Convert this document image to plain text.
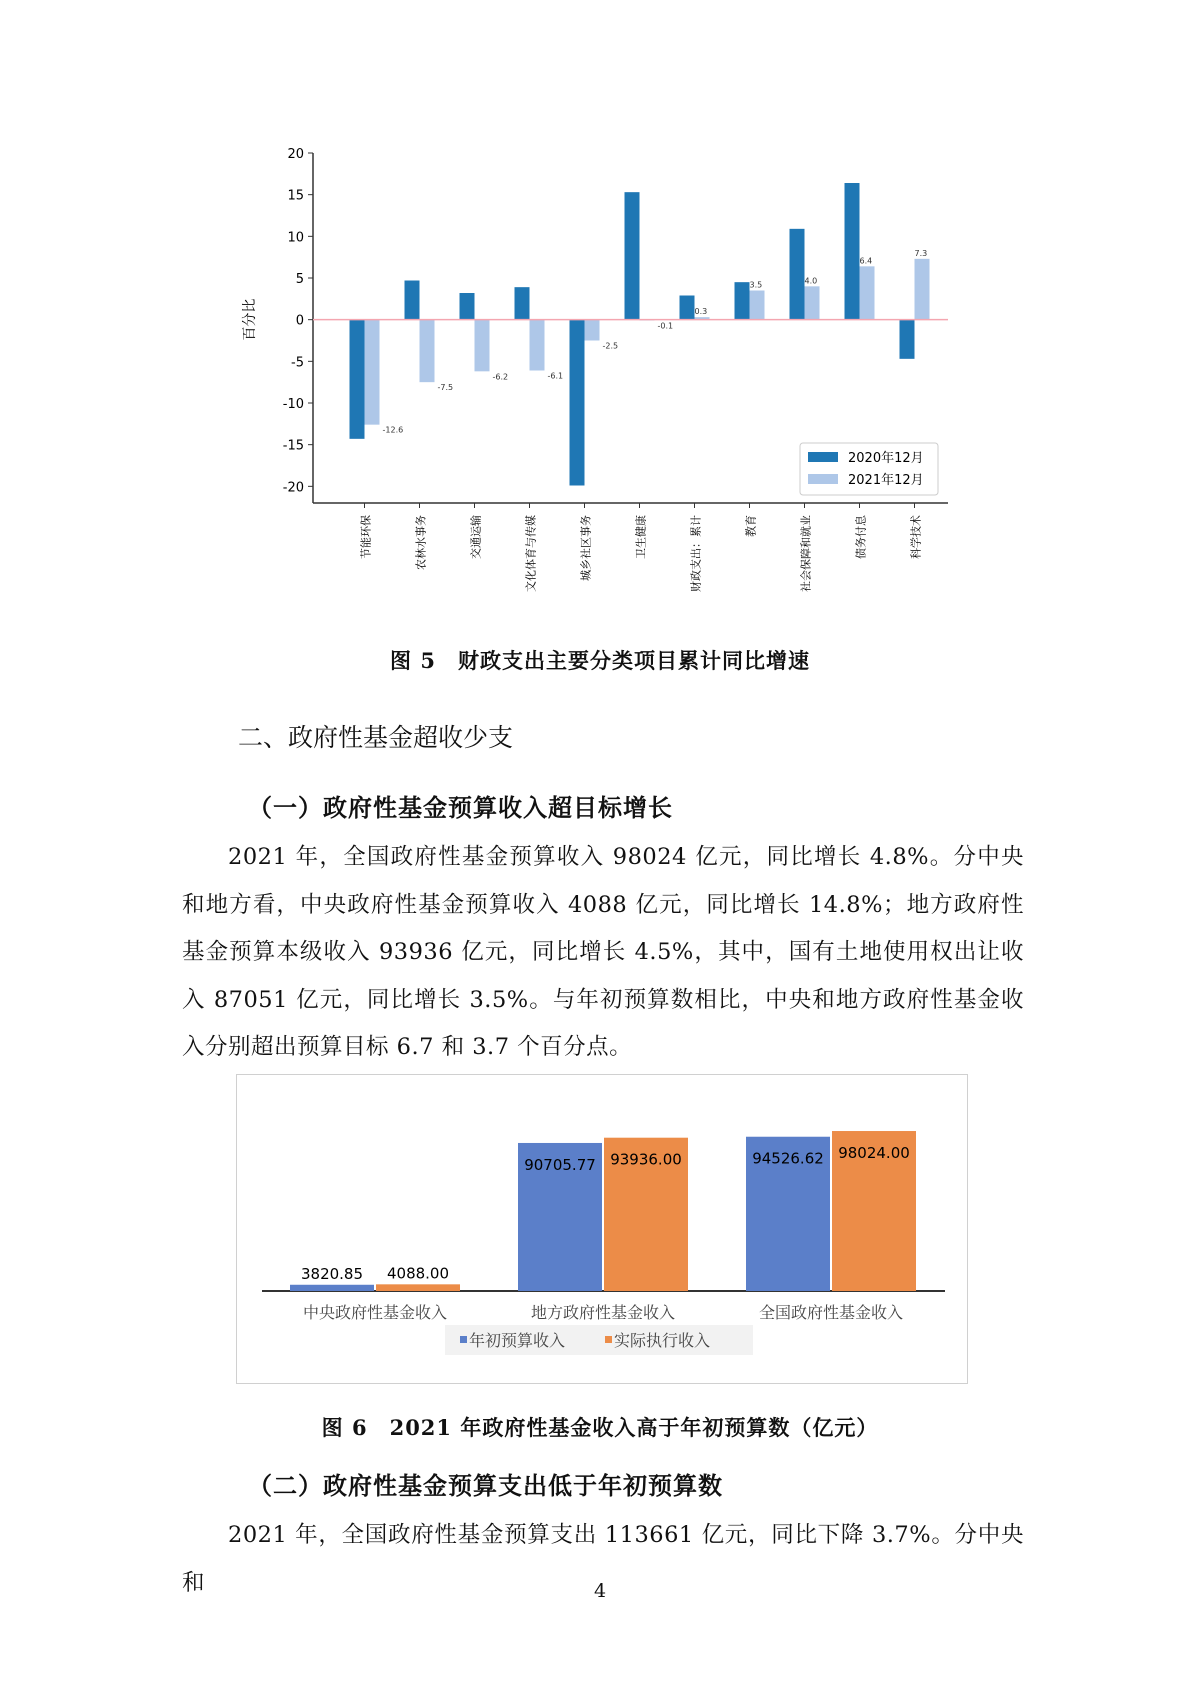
20
15
10
5
0
-5
-10
-15
-20
百分比
-12.6
节能环保
-7.5
农林水事务
-6.2
交通运输
-6.1
文化体育与传媒
-2.5
城乡社区事务
-0.1
卫生健康
0.3
财政支出：累计
3.5
教育
4.0
社会保障和就业
6.4
债务付息
7.3
科学技术
2020年12月
2021年12月
图 5　财政支出主要分类项目累计同比增速
二、政府性基金超收少支
（一）政府性基金预算收入超目标增长
2021 年，全国政府性基金预算收入 98024 亿元，同比增长 4.8%。分中央和地方看，中央政府性基金预算收入 4088 亿元，同比增长 14.8%；地方政府性基金预算本级收入 93936 亿元，同比增长 4.5%，其中，国有土地使用权出让收入 87051 亿元，同比增长 3.5%。与年初预算数相比，中央和地方政府性基金收入分别超出预算目标 6.7 和 3.7 个百分点。
3820.85 4088.00
中央政府性基金收入
90705.77 93936.00
地方政府性基金收入
94526.62 98024.00
全国政府性基金收入
年初预算收入	实际执行收入
图 6　2021 年政府性基金收入高于年初预算数（亿元）
（二）政府性基金预算支出低于年初预算数
2021 年，全国政府性基金预算支出 113661 亿元，同比下降 3.7%。分中央和	4
